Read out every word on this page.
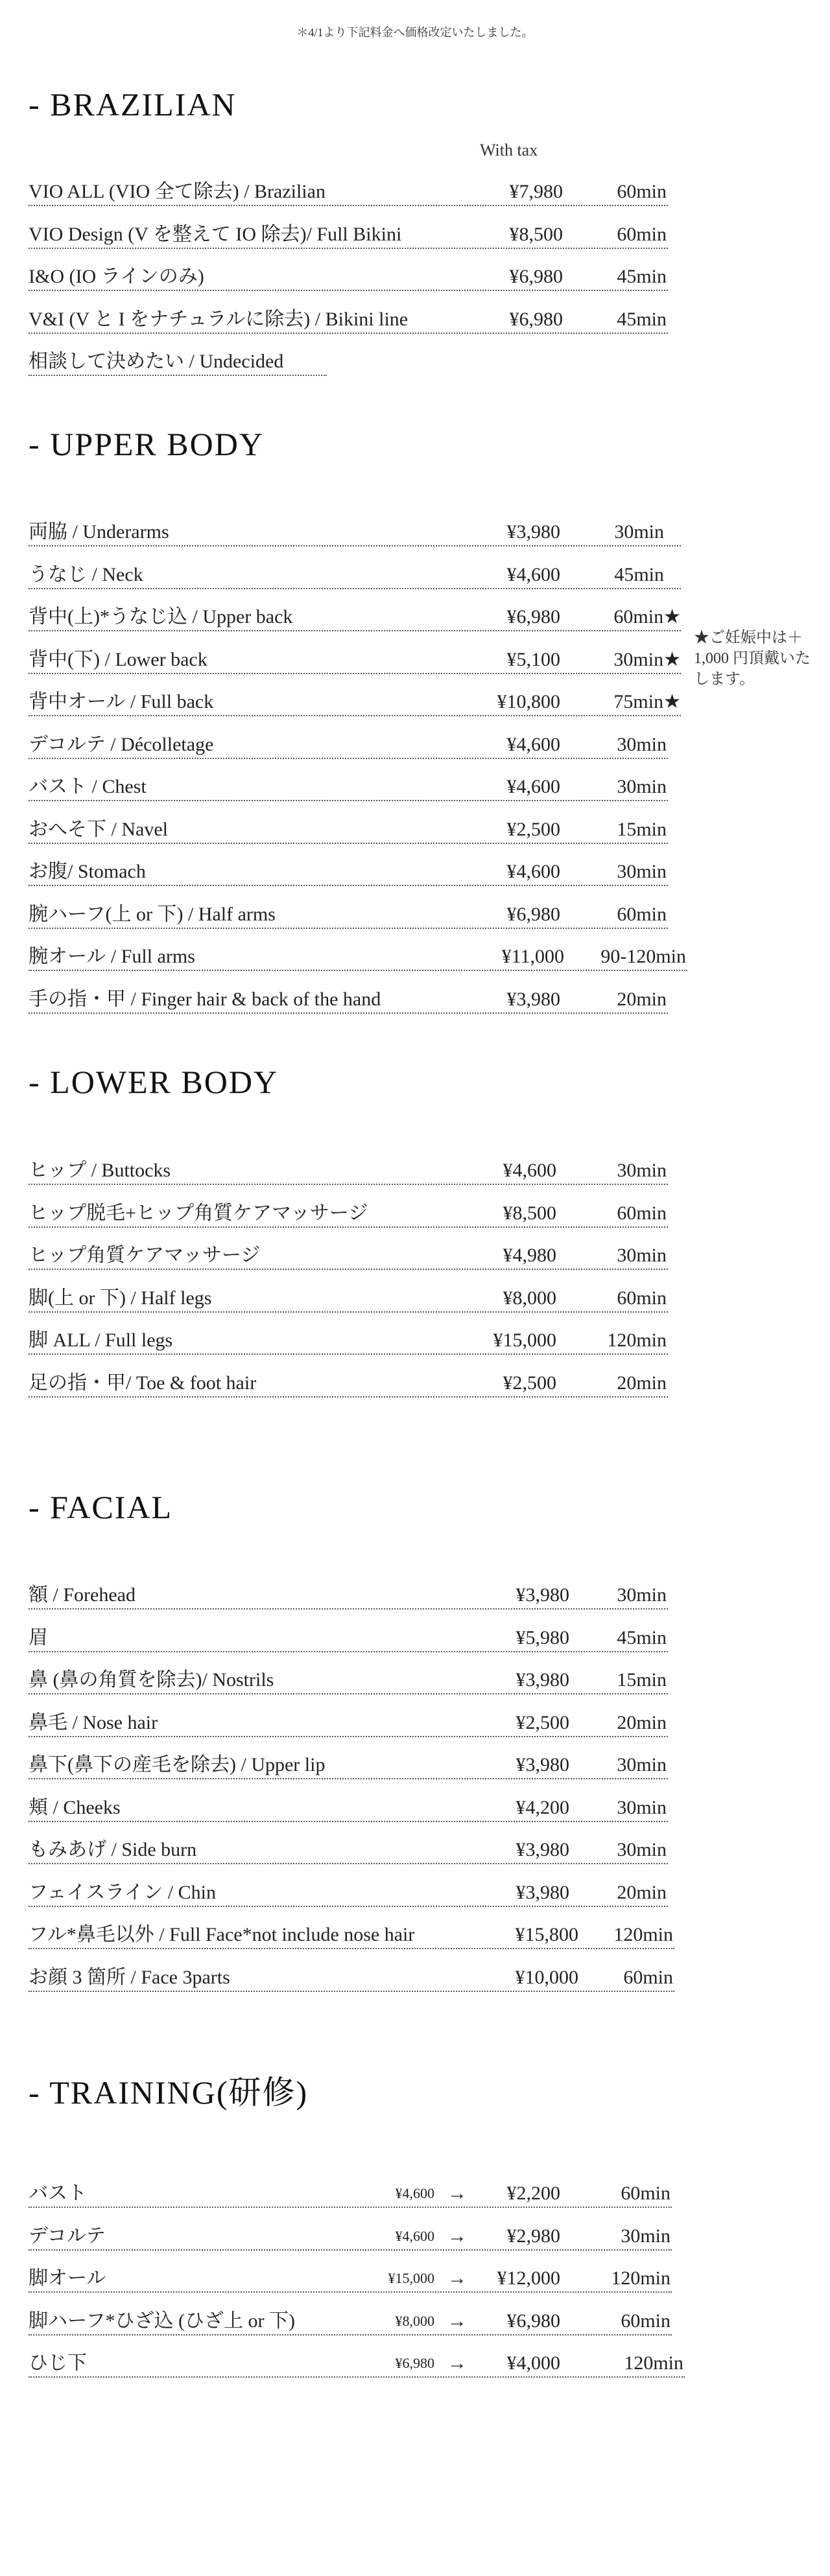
＊4/1より下記料金へ価格改定いたしました。
- BRAZILIAN
With tax
VIO ALL (VIO 全て除去) / Brazilian	¥7,980	60min
VIO Design (V を整えて IO 除去)/ Full Bikini	¥8,500	60min
I&O (IO ラインのみ)	¥6,980	45min
V&I (V と I をナチュラルに除去) / Bikini line	¥6,980	45min
相談して決めたい / Undecided
- UPPER BODY
両脇 / Underarms	¥3,980	30min
うなじ / Neck	¥4,600	45min
背中(上)*うなじ込 / Upper back	¥6,980	60min★
背中(下) / Lower back	¥5,100	30min★
背中オール / Full back	¥10,800	75min★
デコルテ / Décolletage	¥4,600	30min
バスト / Chest	¥4,600	30min
おへそ下 / Navel	¥2,500	15min
お腹/ Stomach	¥4,600	30min
腕ハーフ(上 or 下) / Half arms	¥6,980	60min
腕オール / Full arms	¥11,000	90-120min
手の指・甲 / Finger hair & back of the hand	¥3,980	20min
★ご妊娠中は＋1,000 円頂戴いたします。
- LOWER BODY
ヒップ / Buttocks	¥4,600	30min
ヒップ脱毛+ヒップ角質ケアマッサージ	¥8,500	60min
ヒップ角質ケアマッサージ	¥4,980	30min
脚(上 or 下) / Half legs	¥8,000	60min
脚 ALL / Full legs	¥15,000	120min
足の指・甲/ Toe & foot hair	¥2,500	20min
- FACIAL
額 / Forehead	¥3,980	30min
眉	¥5,980	45min
鼻 (鼻の角質を除去)/ Nostrils	¥3,980	15min
鼻毛 / Nose hair	¥2,500	20min
鼻下(鼻下の産毛を除去) / Upper lip	¥3,980	30min
頬 / Cheeks	¥4,200	30min
もみあげ / Side burn	¥3,980	30min
フェイスライン / Chin	¥3,980	20min
フル*鼻毛以外 / Full Face*not include nose hair	¥15,800	120min
お顔 3 箇所 / Face 3parts	¥10,000	60min
- TRAINING(研修)
バスト	¥4,600 →	¥2,200	60min
デコルテ	¥4,600 →	¥2,980	30min
脚オール	¥15,000 →	¥12,000	120min
脚ハーフ*ひざ込 (ひざ上 or 下)	¥8,000 →	¥6,980	60min
ひじ下	¥6,980 →	¥4,000	120min
